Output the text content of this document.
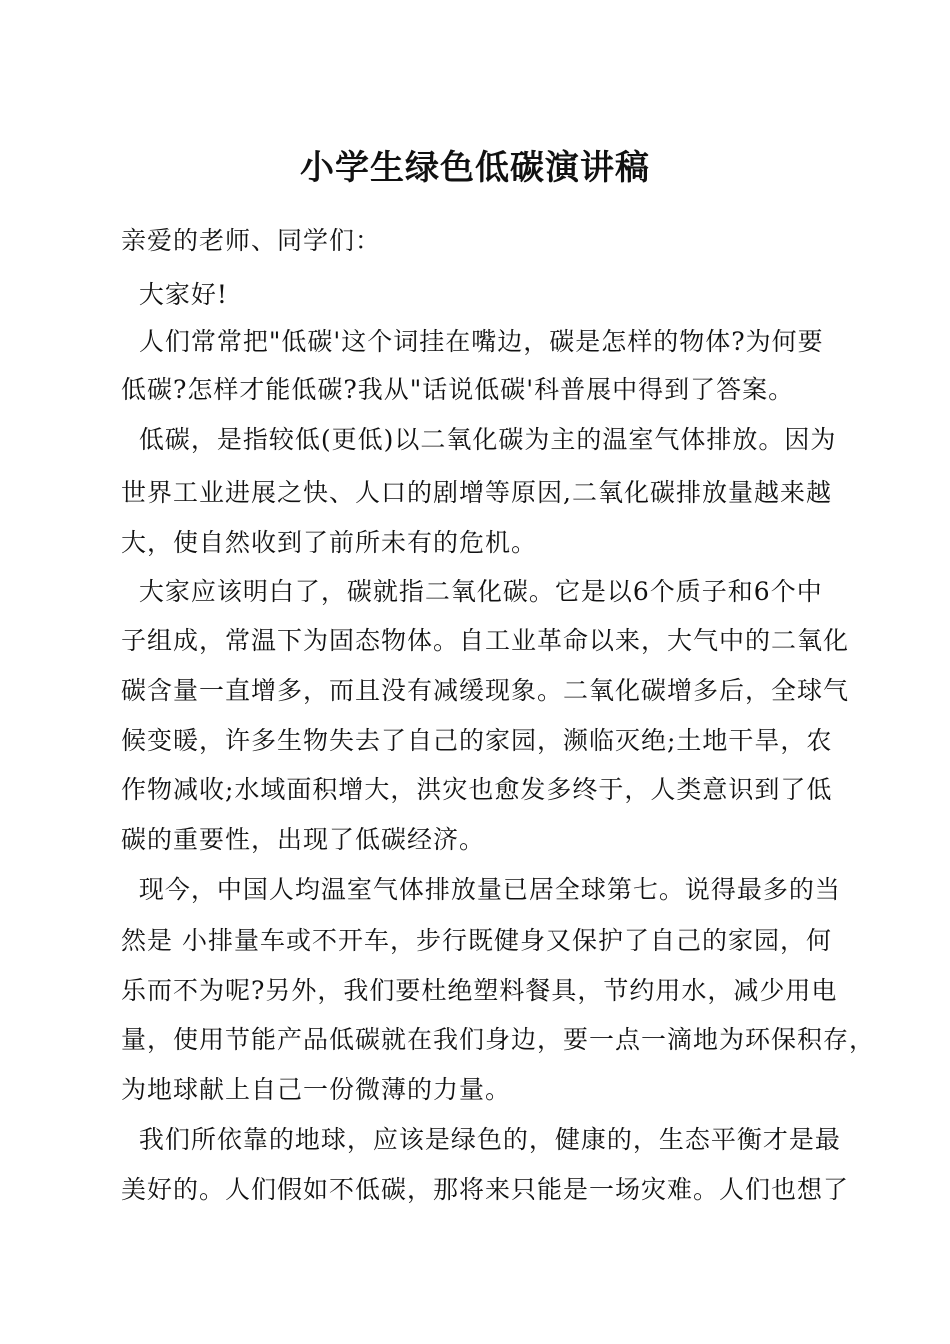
小学生绿色低碳演讲稿
亲爱的老师、同学们：
大家好!
人们常常把"低碳'这个词挂在嘴边，碳是怎样的物体?为何要
低碳?怎样才能低碳?我从"话说低碳'科普展中得到了答案。
低碳，是指较低(更低)以二氧化碳为主的温室气体排放。因为
世界工业进展之快、人口的剧增等原因,二氧化碳排放量越来越
大，使自然收到了前所未有的危机。
大家应该明白了，碳就指二氧化碳。它是以6个质子和6个中
子组成，常温下为固态物体。自工业革命以来，大气中的二氧化
碳含量一直增多，而且没有减缓现象。二氧化碳增多后，全球气
候变暖，许多生物失去了自己的家园，濒临灭绝;土地干旱，农
作物减收;水域面积增大，洪灾也愈发多终于，人类意识到了低
碳的重要性，出现了低碳经济。
现今，中国人均温室气体排放量已居全球第七。说得最多的当
然是 小排量车或不开车，步行既健身又保护了自己的家园，何
乐而不为呢?另外，我们要杜绝塑料餐具，节约用水，减少用电
量，使用节能产品低碳就在我们身边，要一点一滴地为环保积存，
为地球献上自己一份微薄的力量。
我们所依靠的地球，应该是绿色的，健康的，生态平衡才是最
美好的。人们假如不低碳，那将来只能是一场灾难。人们也想了
